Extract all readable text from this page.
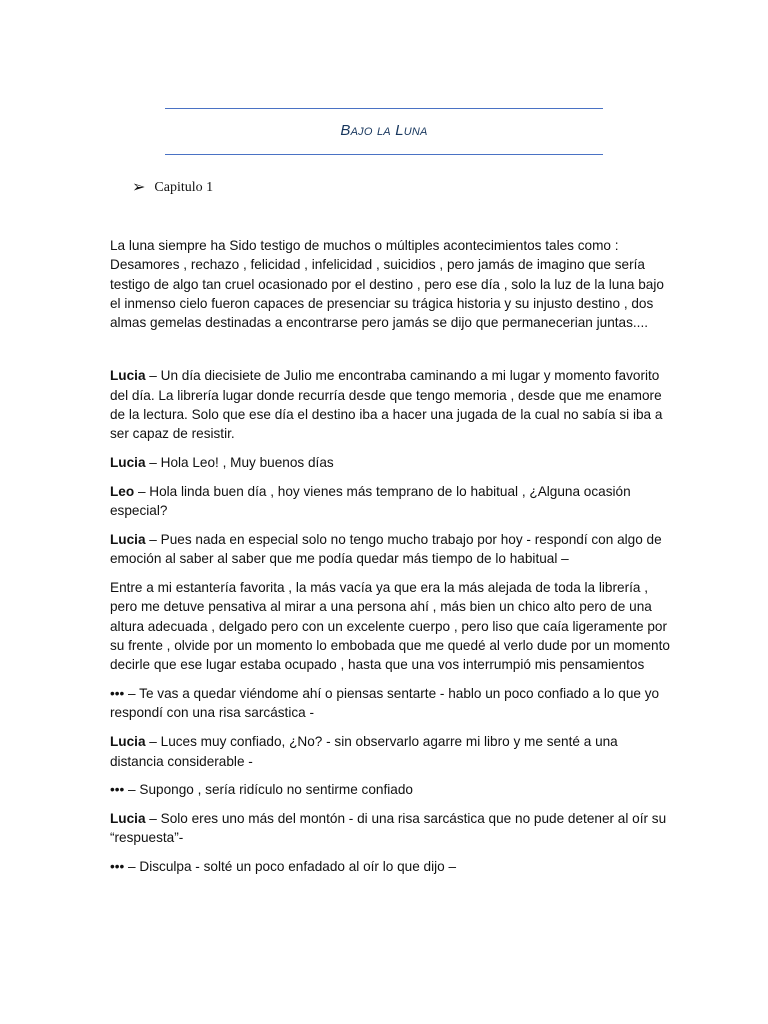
Bajo la Luna
➢ Capitulo 1

La luna siempre ha Sido testigo de muchos o múltiples acontecimientos tales como : Desamores , rechazo , felicidad , infelicidad , suicidios , pero jamás de imagino que sería testigo de algo tan cruel ocasionado por el destino , pero ese día , solo la luz de la luna bajo el inmenso cielo fueron capaces de presenciar su trágica historia y su injusto destino , dos almas gemelas destinadas a encontrarse pero jamás se dijo que permanecerian juntas....

Lucia – Un día diecisiete de Julio me encontraba caminando a mi lugar y momento favorito del día. La librería lugar donde recurría desde que tengo memoria , desde que me enamore de la lectura. Solo que ese día el destino iba a hacer una jugada de la cual no sabía si iba a ser capaz de resistir.

Lucia – Hola Leo! , Muy buenos días

Leo – Hola linda buen día , hoy vienes más temprano de lo habitual , ¿Alguna ocasión especial?

Lucia – Pues nada en especial solo no tengo mucho trabajo por hoy - respondí con algo de emoción al saber al saber que me podía quedar más tiempo de lo habitual –

Entre a mi estantería favorita , la más vacía ya que era la más alejada de toda la librería , pero me detuve pensativa al mirar a una persona ahí , más bien un chico alto pero de una altura adecuada , delgado pero con un excelente cuerpo , pero liso que caía ligeramente por su frente , olvide por un momento lo embobada que me quedé al verlo dude por un momento decirle que ese lugar estaba ocupado , hasta que una vos interrumpió mis pensamientos

••• – Te vas a quedar viéndome ahí o piensas sentarte - hablo un poco confiado a lo que yo respondí con una risa sarcástica -

Lucia – Luces muy confiado, ¿No? - sin observarlo agarre mi libro y me senté a una distancia considerable -

••• – Supongo , sería ridículo no sentirme confiado

Lucia – Solo eres uno más del montón - di una risa sarcástica que no pude detener al oír su “respuesta”-

••• – Disculpa - solté un poco enfadado al oír lo que dijo –
